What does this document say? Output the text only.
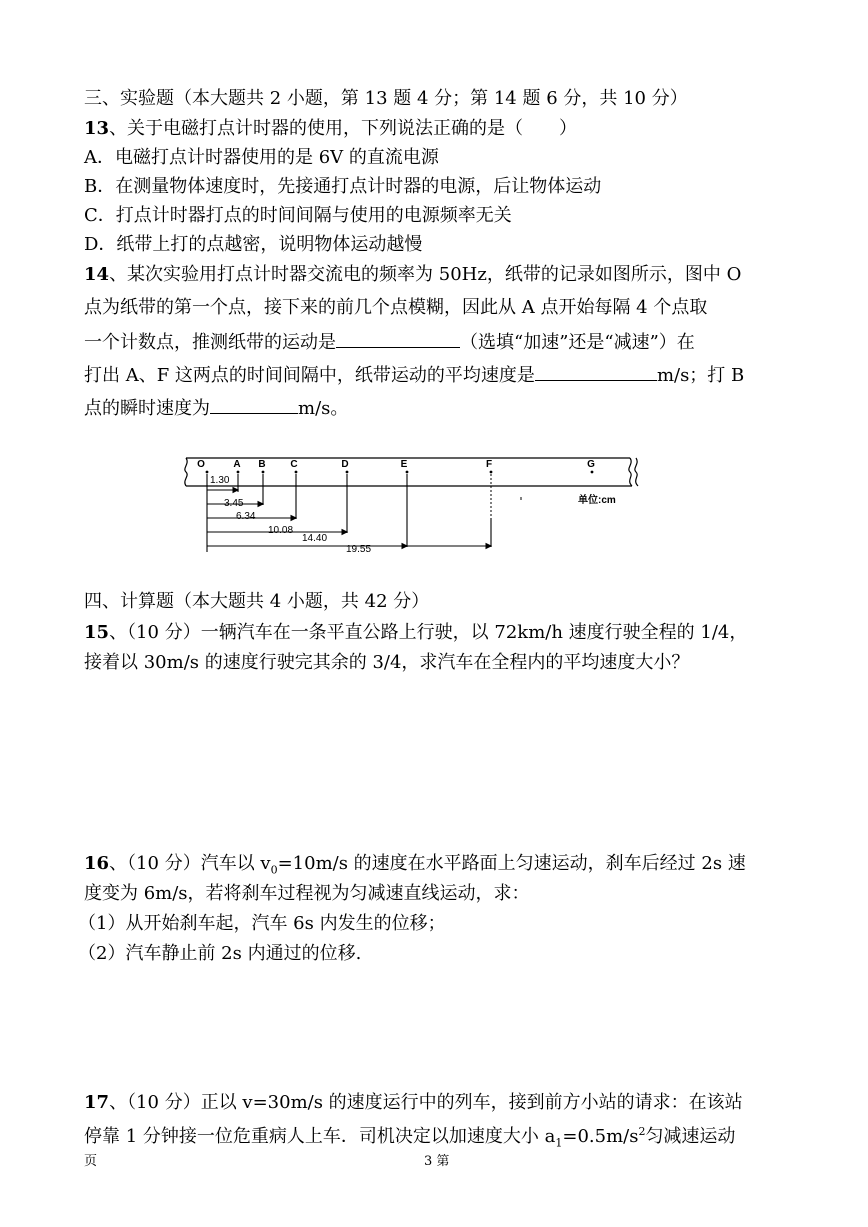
三、实验题（本大题共 2 小题，第 13 题 4 分；第 14 题 6 分，共 10 分）
13、关于电磁打点计时器的使用，下列说法正确的是（　　）
A．电磁打点计时器使用的是 6V 的直流电源
B．在测量物体速度时，先接通打点计时器的电源，后让物体运动
C．打点计时器打点的时间间隔与使用的电源频率无关
D．纸带上打的点越密，说明物体运动越慢
14、某次实验用打点计时器交流电的频率为 50Hz，纸带的记录如图所示，图中 O
点为纸带的第一个点，接下来的前几个点模糊，因此从 A 点开始每隔 4 个点取
一个计数点，推测纸带的运动是	（选填“加速”还是“减速”）在
打出 A、F 这两点的时间间隔中，纸带运动的平均速度是	m/s；打 B
点的瞬时速度为	m/s。
O	A B C	D	E	F	G
1.30
3.45
6.34
10.08
14.40
19.55
单位:cm
四、计算题（本大题共 4 小题，共 42 分）
15、（10 分）一辆汽车在一条平直公路上行驶，以 72km/h 速度行驶全程的 1/4，
接着以 30m/s 的速度行驶完其余的 3/4，求汽车在全程内的平均速度大小？
16、（10 分）汽车以 $v_0=10m/s$ 的速度在水平路面上匀速运动，刹车后经过 2s 速
度变为 6m/s，若将刹车过程视为匀减速直线运动，求：
（1）从开始刹车起，汽车 6s 内发生的位移；
（2）汽车静止前 2s 内通过的位移.
17、（10 分）正以 v=30m/s 的速度运行中的列车，接到前方小站的请求：在该站
停靠 1 分钟接一位危重病人上车．司机决定以加速度大小 $a_1=0.5m/s^2$匀减速运动
页	3 第
